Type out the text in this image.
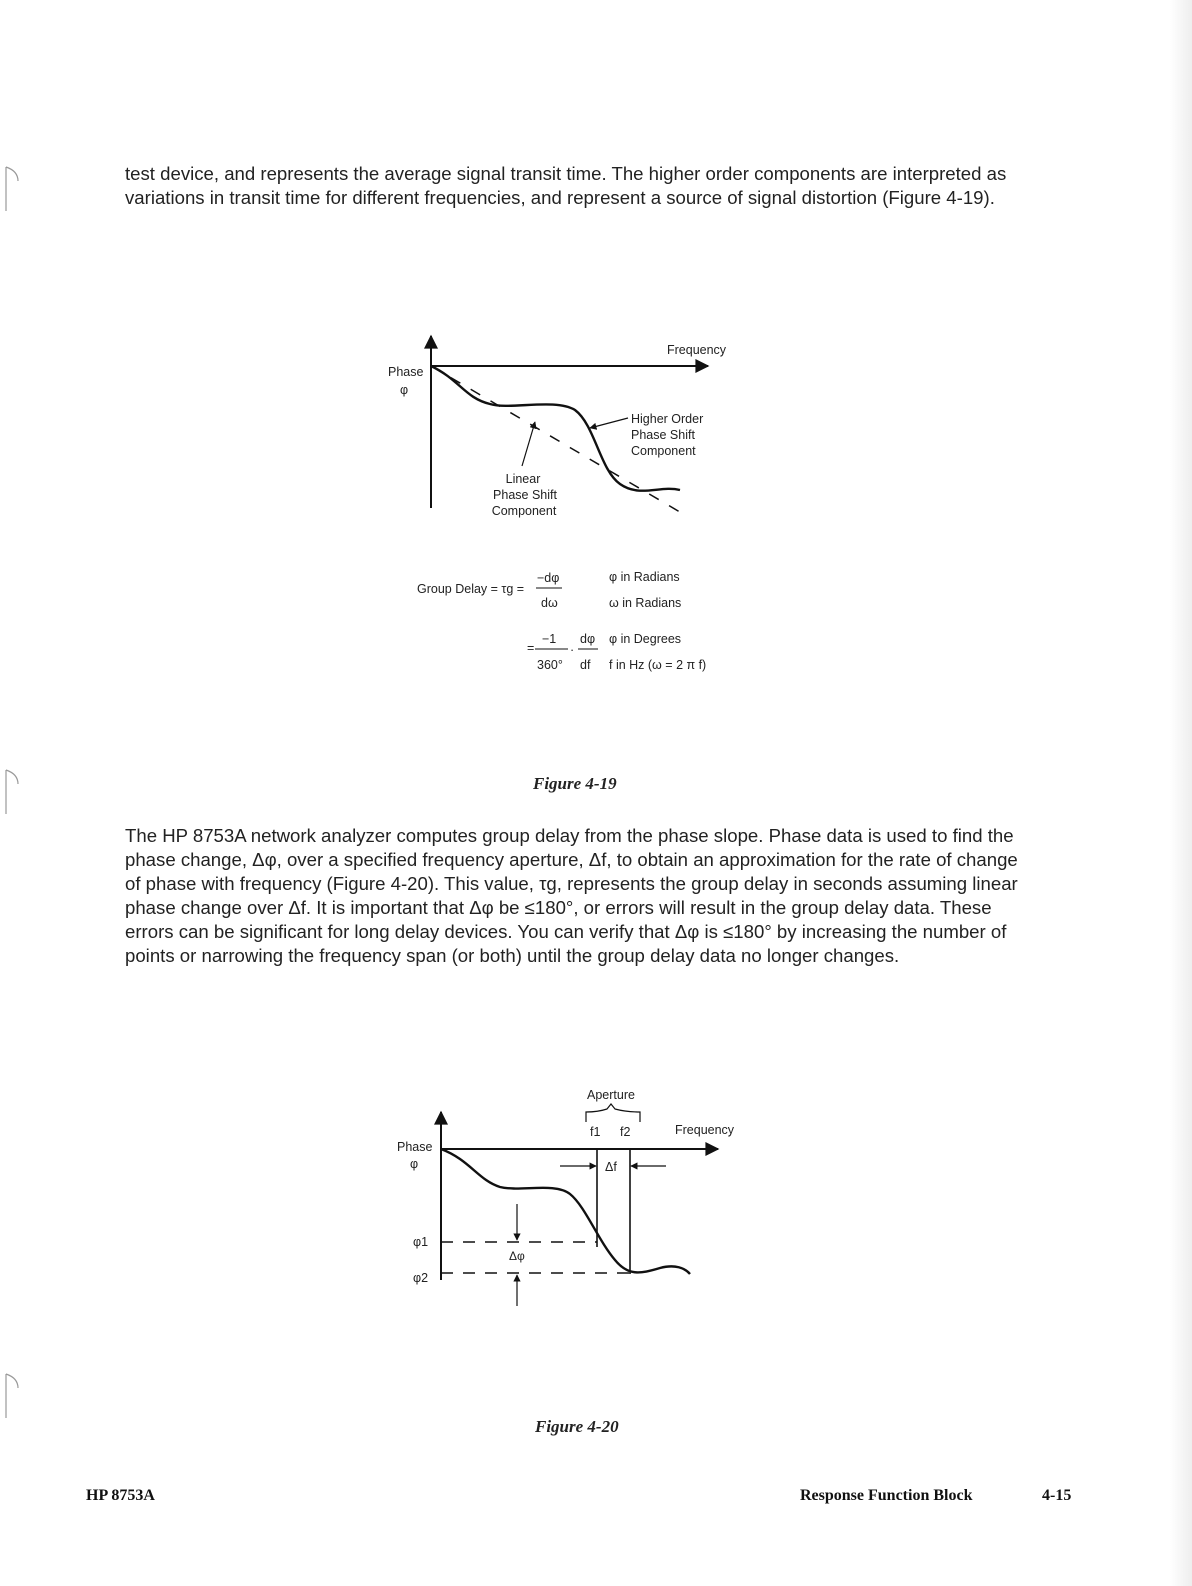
test device, and represents the average signal transit time. The higher order components are interpreted as variations in transit time for different frequencies, and represent a source of signal distortion (Figure 4-19).

Frequency
Phase
φ
Higher Order
Phase Shift
Component
Linear
Phase Shift
Component
Group Delay = τg =
−dφ
dω
φ in Radians
ω in Radians
=
−1
360°
·
dφ
df
φ in Degrees
f in Hz (ω = 2 π f)
Figure 4-19

The HP 8753A network analyzer computes group delay from the phase slope. Phase data is used to find the phase change, Δφ, over a specified frequency aperture, Δf, to obtain an approximation for the rate of change of phase with frequency (Figure 4-20). This value, τg, represents the group delay in seconds assuming linear phase change over Δf. It is important that Δφ be ≤180°, or errors will result in the group delay data. These errors can be significant for long delay devices. You can verify that Δφ is ≤180° by increasing the number of points or narrowing the frequency span (or both) until the group delay data no longer changes.

Aperture
f1 f2	Frequency
Phase
φ	Δf
φ1
φ2
Δφ
Figure 4-20
HP 8753A	Response Function Block	4-15
